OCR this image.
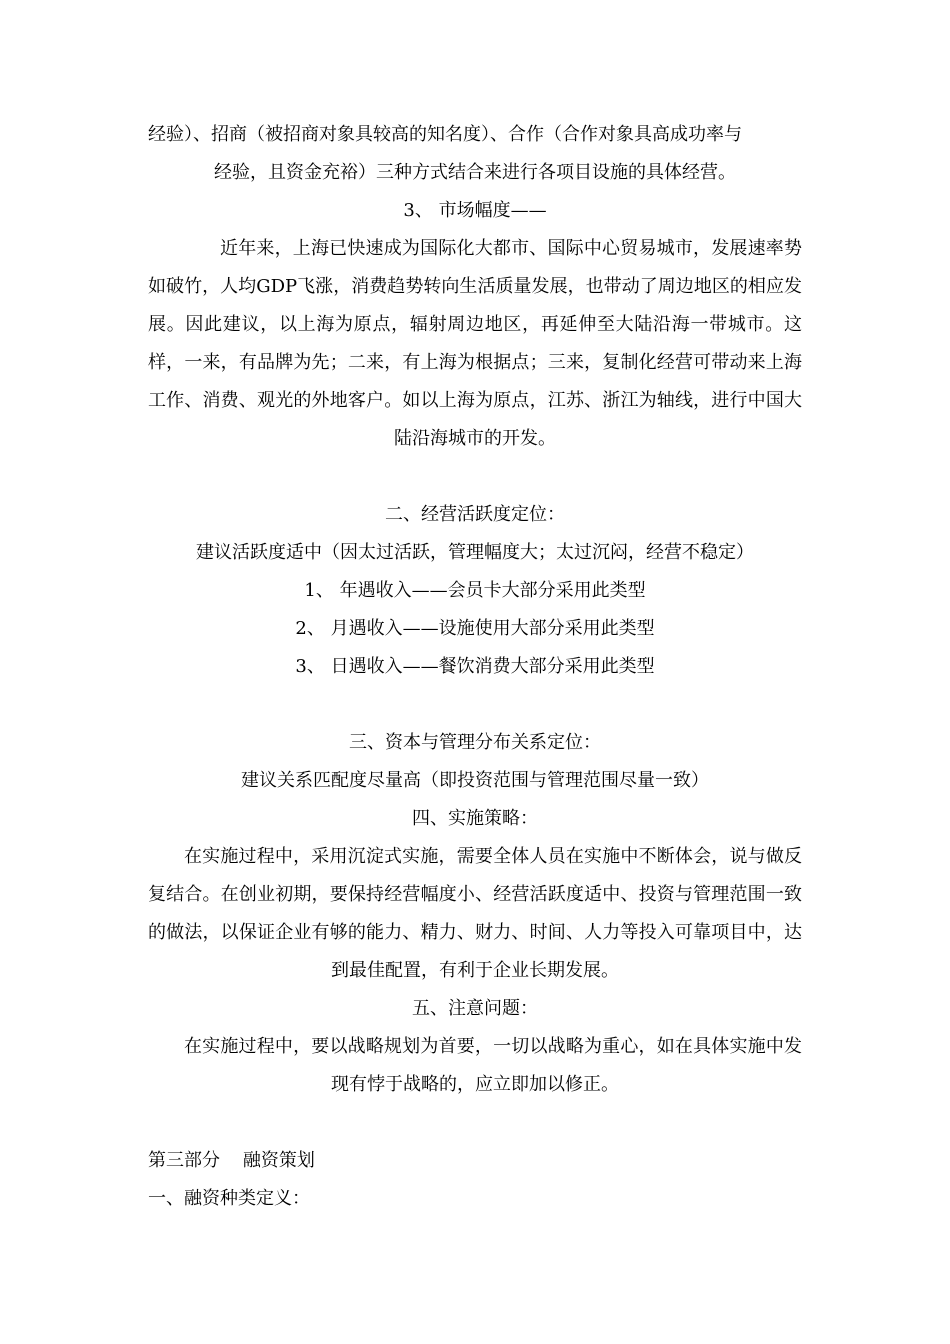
经验）、招商（被招商对象具较高的知名度）、合作（合作对象具高成功率与

经验，且资金充裕）三种方式结合来进行各项目设施的具体经营。

3、 市场幅度——

近年来，上海已快速成为国际化大都市、国际中心贸易城市，发展速率势如破竹，人均GDP飞涨，消费趋势转向生活质量发展，也带动了周边地区的相应发展。因此建议，以上海为原点，辐射周边地区，再延伸至大陆沿海一带城市。这样，一来，有品牌为先；二来，有上海为根据点；三来，复制化经营可带动来上海工作、消费、观光的外地客户。如以上海为原点，江苏、浙江为轴线，进行中国大陆沿海城市的开发。

二、经营活跃度定位：

建议活跃度适中（因太过活跃，管理幅度大；太过沉闷，经营不稳定）

1、 年遇收入——会员卡大部分采用此类型

2、 月遇收入——设施使用大部分采用此类型

3、 日遇收入——餐饮消费大部分采用此类型

三、资本与管理分布关系定位：

建议关系匹配度尽量高（即投资范围与管理范围尽量一致）

四、实施策略：

在实施过程中，采用沉淀式实施，需要全体人员在实施中不断体会，说与做反复结合。在创业初期，要保持经营幅度小、经营活跃度适中、投资与管理范围一致的做法，以保证企业有够的能力、精力、财力、时间、人力等投入可靠项目中，达到最佳配置，有利于企业长期发展。

五、注意问题：

在实施过程中，要以战略规划为首要，一切以战略为重心，如在具体实施中发现有悖于战略的，应立即加以修正。

第三部分    融资策划

一、融资种类定义：
